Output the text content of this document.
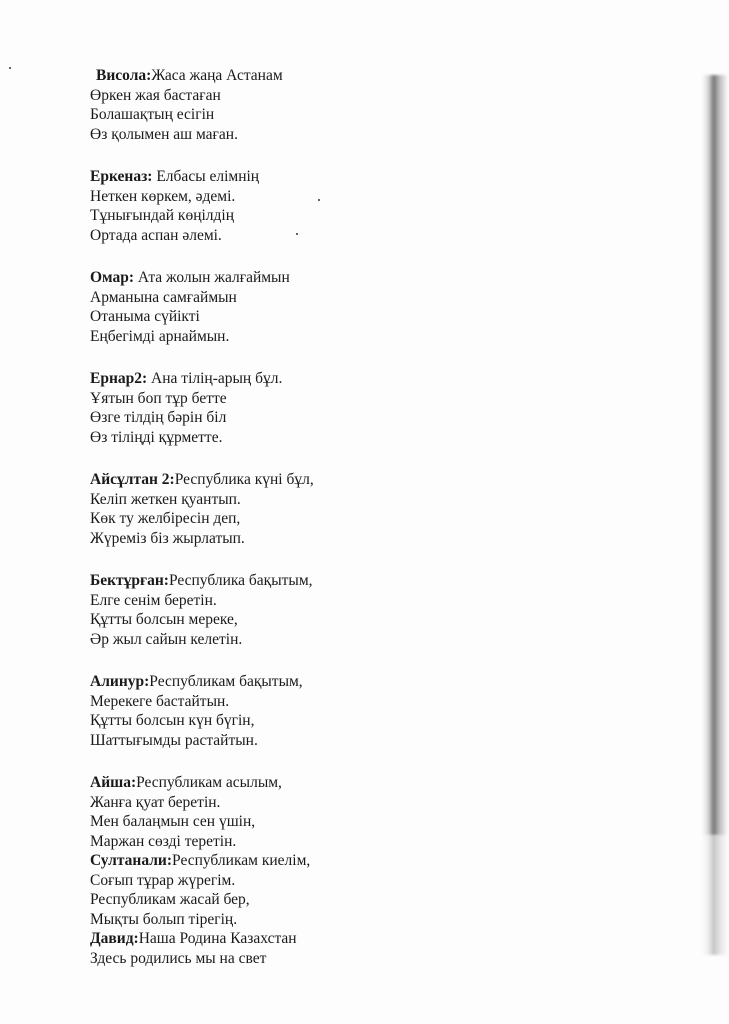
Висола:Жаса жаңа Астанам
Өркен жая бастаған
Болашақтың есігін
Өз қолымен аш маған.
Еркеназ: Елбасы елімнің
Неткен көркем, әдемі.
Тұнығындай көңілдің
Ортада аспан әлемі.
Омар: Ата жолын жалғаймын
Арманына самғаймын
Отаныма сүйікті
Еңбегімді арнаймын.
Ернар2: Ана тілің-арың бұл.
Ұятын боп тұр бетте
Өзге тілдің бәрін біл
Өз тіліңді құрметте.
Айсұлтан 2:Республика күні бұл,
Келіп жеткен қуантып.
Көк ту желбіресін деп,
Жүреміз біз жырлатып.
Бектұрған:Республика бақытым,
Елге сенім беретін.
Құтты болсын мереке,
Әр жыл сайын келетін.
Алинур:Республикам бақытым,
Мерекеге бастайтын.
Құтты болсын күн бүгін,
Шаттығымды растайтын.
Айша:Республикам асылым,
Жанға қуат беретін.
Мен балаңмын сен үшін,
Маржан сөзді теретін.
Султанали:Республикам киелім,
Соғып тұрар жүрегім.
Республикам жасай бер,
Мықты болып тірегің.
Давид:Наша Родина Казахстан
Здесь родились мы на свет
